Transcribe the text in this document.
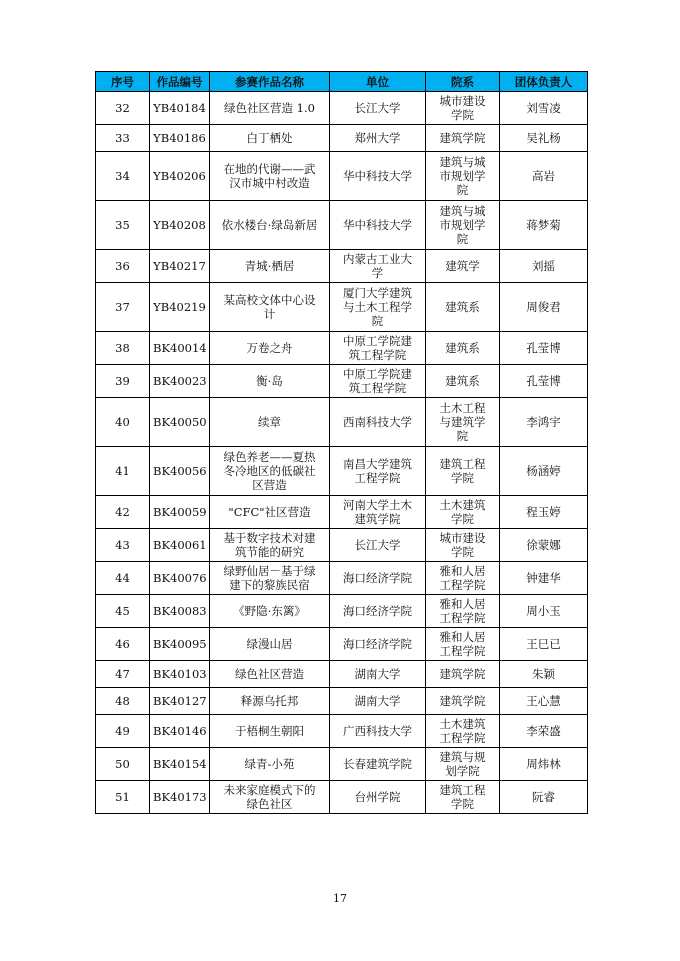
序号	作品编号	参赛作品名称	单位	院系	团体负责人

32	YB40184	绿色社区营造 1.0	长江大学	城市建设
学院	刘雪凌

33	YB40186	白丁栖处	郑州大学	建筑学院	吴礼杨

34	YB40206	在地的代谢——武
汉市城中村改造	华中科技大学	建筑与城
市规划学
院	高岩

35	YB40208	依水楼台·绿岛新居	华中科技大学	建筑与城
市规划学
院	蒋梦菊

36	YB40217	青城·栖居	内蒙古工业大
学	建筑学	刘摇

37	YB40219	某高校文体中心设
计	厦门大学建筑
与土木工程学
院	建筑系	周俊君

38	BK40014	万卷之舟	中原工学院建
筑工程学院	建筑系	孔莹博

39	BK40023	衡·岛	中原工学院建
筑工程学院	建筑系	孔莹博

40	BK40050	续章	西南科技大学	土木工程
与建筑学
院	李鸿宇

41	BK40056	绿色养老——夏热
冬冷地区的低碳社
区营造	南昌大学建筑
工程学院	建筑工程
学院	杨涵婷

42	BK40059	"CFC"社区营造	河南大学土木
建筑学院	土木建筑
学院	程玉婷

43	BK40061	基于数字技术对建
筑节能的研究	长江大学	城市建设
学院	徐蒙娜

44	BK40076	绿野仙居－基于绿
建下的黎族民宿	海口经济学院	雅和人居
工程学院	钟建华

45	BK40083	《野隐·东篱》	海口经济学院	雅和人居
工程学院	周小玉

46	BK40095	绿漫山居	海口经济学院	雅和人居
工程学院	王巳已

47	BK40103	绿色社区营造	湖南大学	建筑学院	朱颖

48	BK40127	释源乌托邦	湖南大学	建筑学院	王心慧

49	BK40146	于梧桐生朝阳	广西科技大学	土木建筑
工程学院	李荣盛

50	BK40154	绿青-小苑	长春建筑学院	建筑与规
划学院	周炜林

51	BK40173	未来家庭模式下的
绿色社区	台州学院	建筑工程
学院	阮睿
17
